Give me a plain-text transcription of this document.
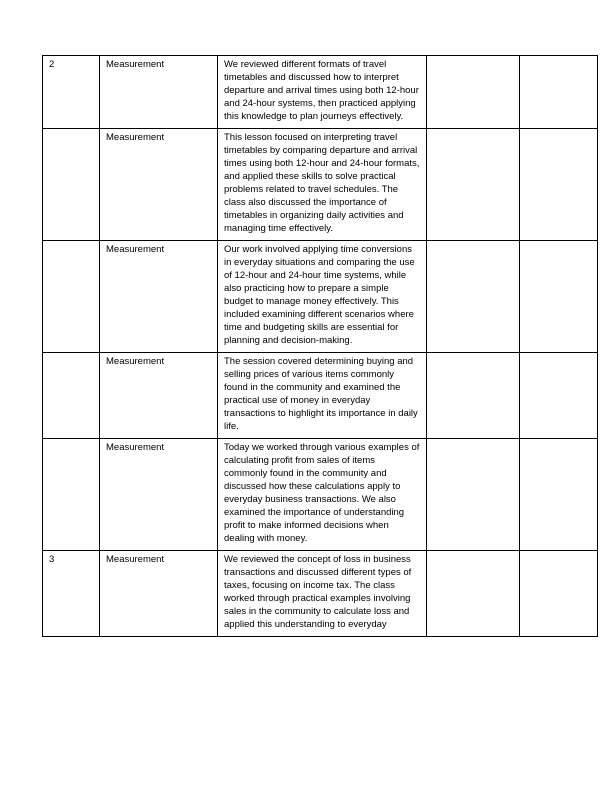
2	Measurement	We reviewed different formats of travel timetables and discussed how to interpret departure and arrival times using both 12-hour and 24-hour systems, then practiced applying this knowledge to plan journeys effectively.		
	Measurement	This lesson focused on interpreting travel timetables by comparing departure and arrival times using both 12-hour and 24-hour formats, and applied these skills to solve practical problems related to travel schedules. The class also discussed the importance of timetables in organizing daily activities and managing time effectively.		
	Measurement	Our work involved applying time conversions in everyday situations and comparing the use of 12-hour and 24-hour time systems, while also practicing how to prepare a simple budget to manage money effectively. This included examining different scenarios where time and budgeting skills are essential for planning and decision-making.		
	Measurement	The session covered determining buying and selling prices of various items commonly found in the community and examined the practical use of money in everyday transactions to highlight its importance in daily life.		
	Measurement	Today we worked through various examples of calculating profit from sales of items commonly found in the community and discussed how these calculations apply to everyday business transactions. We also examined the importance of understanding profit to make informed decisions when dealing with money.		
3	Measurement	We reviewed the concept of loss in business transactions and discussed different types of taxes, focusing on income tax. The class worked through practical examples involving sales in the community to calculate loss and applied this understanding to everyday		
